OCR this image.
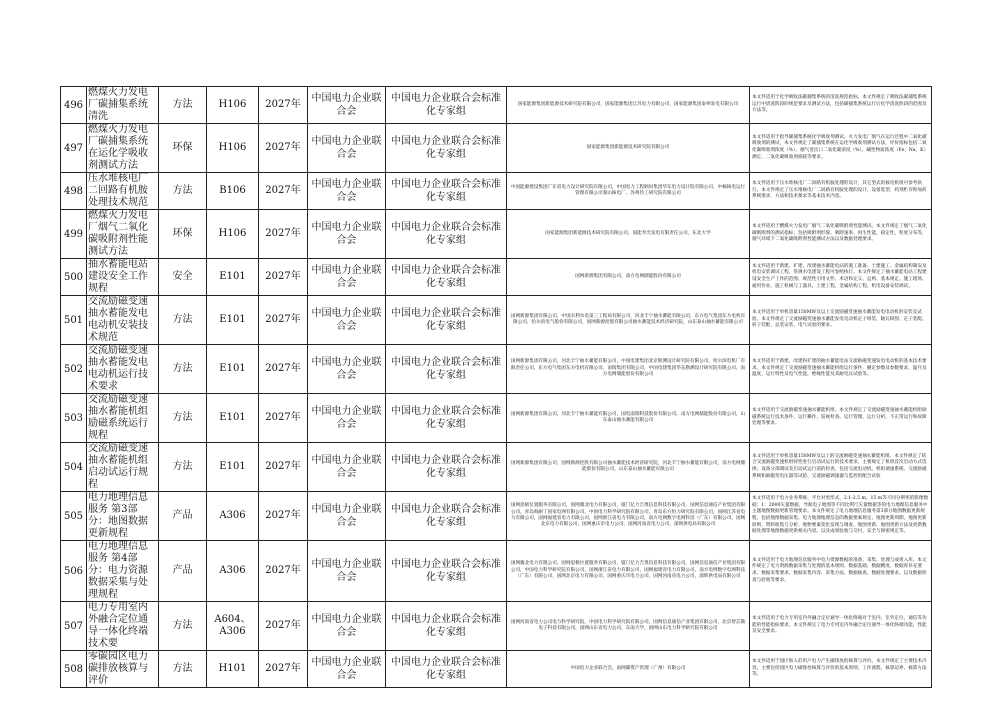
496	燃煤火力发电厂碳捕集系统清洗	方法	H106	2027年	中国电力企业联合会	中国电力企业联合会标准化专家组	国家能源集团新能源技术研究院有限公司，国家能源集团江苏电力有限公司，国家能源集团泰州发电有限公司	本文件适用于化学吸收法碳捕集系统的清洗规范指标。本文件规定了吸收法碳捕集系统运行中清洗阶段的规范要求及测试方法，包括碳捕集系统运行后化学清洗阶段的范围及方法等。
497	燃煤火力发电厂碳捕集系统在运化学吸收剂测试方法	环保	H106	2027年	中国电力企业联合会	中国电力企业联合会标准化专家组	国家能源集团新能源技术研究院有限公司	本文件适用于指导碳捕集系统化学吸收剂测试。火力发电厂烟气在运行过程中二氧化碳吸收剂的测试，本文件规定了碳捕集系统在运化学吸收剂测试方法，评价指标包括二氧化碳吸收剂浓度（%）、烟气进出口二氧化碳浓度（%）、碱性物质浓度（Fe、Na、K）测定、二氧化碳吸收剂损耗等要求。
498	压水堆核电厂二回路有机胺处理技术规范	方法	B106	2027年	中国电力企业联合会	中国电力企业联合会标准化专家组	中国能源建设集团广东省电力设计研究院有限公司，中国电力工程顾问集团华东电力设计院有限公司，中核核电运行管理有限公司秦山核电厂，苏州热工研究院有限公司	本文件适用于压水堆核电厂二回路有机胺处理的设计，其它型式的核电机组可参考执行。本文件规定了压水堆核电厂二回路有机胺处理的设计、设备选型、药剂贮存和加药系统要求，方法和技术要求等基本技术内容。
499	燃煤火力发电厂烟气二氧化碳吸附剂性能测试方法	环保	H106	2027年	中国电力企业联合会	中国电力企业联合会标准化专家组	国家能源集团新能源技术研究院有限公司，国能寿光发电有限责任公司，东北大学	本文件适用于燃煤火力发电厂烟气二氧化碳吸附剂性能测试。本文件规定了烟气二氧化碳吸附剂的测试指标，包括吸附剂形貌、吸附速率、再生性能、稳定性、粒度分布等，烟气环境下二氧化碳吸附剂性能测试方法以及数据处理要求。
500	抽水蓄能电站建设安全工作规程	安全	E101	2027年	中国电力企业联合会	中国电力企业联合会标准化专家组	国网新源集团有限公司，南方电网储能股份有限公司	本文件适用于新建、扩建、改建抽水蓄能电站的施工准备、土建施工、金属结构制安及机电安装调试工程，常规水电建设工程可参照执行。本文件规定了抽水蓄能电站工程建设安全生产工作的范围、规范性引用文件、术语和定义、总则、基本规定、施工现场、通用作业、施工机械与工器具、土建工程、金属结构工程、机电设备安装调试。
501	交流励磁变速抽水蓄能发电电动机安装技术规范	方法	E101	2027年	中国电力企业联合会	中国电力企业联合会标准化专家组	国网新源集团有限公司，中国水利水电第三工程局有限公司，河北丰宁抽水蓄能有限公司，东方电气集团东方电机有限公司，哈尔滨电气股份有限公司，国网新源控股有限公司抽水蓄能技术经济研究院，山东泰山抽水蓄能有限公司	本文件适用于单机容量150MW及以上交流励磁变速抽水蓄能发电电动机的安装及试验。本文件规定了交流励磁变速抽水蓄能发电电动机定子组装、轴瓦研刮、定子装配、转子装配、总装安装、电气试验的要求。
502	交流励磁变速抽水蓄能发电电动机运行技术要求	方法	E101	2027年	中国电力企业联合会	中国电力企业联合会标准化专家组	国网新源集团有限公司，河北丰宁抽水蓄能有限公司，中国电建集团北京勘测设计研究院有限公司，哈尔滨电机厂有限责任公司，东方电气集团东方电机有限公司，南瑞集团有限公司，中国电建集团华东勘测设计研究院有限公司，南方电网储能股份有限公司	本文件适用于新建、改建和扩建的抽水蓄能电站交流励磁变速发电电动机的基本技术要求。本文件规定了交流励磁变速抽水蓄能机组运行条件，额定参数及参数要求，温升及温度、运行特性及电气性能，绝缘性能及其耐电压试验等。
503	交流励磁变速抽水蓄能机组励磁系统运行规程	方法	E101	2027年	中国电力企业联合会	中国电力企业联合会标准化专家组	国网新源集团有限公司，河北丰宁抽水蓄能有限公司，国电南瑞科技股份有限公司，南方电网储能股份有限公司，山东泰山抽水蓄能有限公司	本文件适用于交流励磁变速抽水蓄能机组。本文件规定了交流励磁变速抽水蓄能机组励磁系统运行技术条件、运行操作、巡视检查、运行管理、运行分析、不正常运行和故障处理等要求。
504	交流励磁变速抽水蓄能机组启动试运行规程	方法	E101	2027年	中国电力企业联合会	中国电力企业联合会标准化专家组	国网新源集团有限公司，国网新源控股有限公司抽水蓄能技术经济研究院，河北丰宁抽水蓄能有限公司，南方电网储能股份有限公司，山东泰山抽水蓄能有限公司	本文件适用于单机容量150MW及以上的交流励磁变速抽水蓄能机组。本文件规定了结合交流励磁变速机组特性进行启动试运行的技术要求，主要规定了机组首次启动方式选择、设备分部调试及启动试运行前的检查，包括交流电动机、机组调速系统、交流励磁系统和励磁变电压器等试验、交流励磁调速器与监控的配合试验
505	电力地理信息服务 第3部分：地图数据更新规程	产品	A306	2027年	中国电力企业联合会	中国电力企业联合会标准化专家组	国网思极位置服务有限公司，国网冀北电力有限公司，厦门亿力吉奥信息科技有限公司，国网信息通信产业集团有限公司，青岛海耐丁国家电网有限公司，中国电力科学研究院有限公司，青岛东方恒力研究院有限公司，国网江苏省电力有限公司，国网福建省电力有限公司，国网浙江省电力有限公司，南方电网数字电网科技（广东）有限公司，国网北京电力有限公司，国网重庆市电力公司，国网河南省电力公司，深圳供电局有限公司	本文件适用于电力业务系统、平台对更形式、2.1-2.5 m、15 m等不同分辨率的影像数据；1：2000矢量数据，导航电子地图等不同比例尺矢量数据等的电力地理信息服务中主题地图数据更新管理要求。本文件规定了电力地理信息服务第3部分地图数据更新规程，包括地图数据采集、电力地理地理信息的数据要素规定，地图更新周期、地图更新原则、资料收集与分析、地物要素变化发现与调查、地图更新、地图更新方法及更新数据处理等地图数据更新相关内容。以及成果验收与交付、安全与保密规定等。
506	电力地理信息服务 第4部分：电力资源数据采集与处理规程	产品	A306	2027年	中国电力企业联合会	中国电力企业联合会标准化专家组	国网冀北电力有限公司，国网思极位置服务有限公司，厦门亿力吉奥信息科技有限公司，国网信息通信产业集团有限公司，中国电力科学研究院有限公司，国网浙江省电力有限公司，国网福建省电力有限公司，南方电网数字电网科技（广东）有限公司，国网北京电力有限公司，国网重庆市电力公司，国网河南省电力公司，深圳供电局有限公司	本文件适用于电力地理信息服务中电力资源数据的准备、采集、处理与成果入库。本文件规定了电力资源数据采集与处理的基本规则、数据基础、数据精度、数据库补充要求、数据采集要求、数据采集内容、采集方法、数据核查、数据处理要求、以及数据检查与验收等要求。
507	电力专用室内外融合定位通导一体化终端技术要	方法	A604、A306	2027年	中国电力企业联合会	中国电力企业联合会标准化专家组	国网河南省电力公司电力科学研究院，中国电力科学研究院有限公司，国网信息通信产业集团有限公司，北京智芯微电子科技有限公司，国网山东省电力公司，东南大学，国网山东电力科学研究院有限公司	本文件适用于电力专用室内外融合定位通导一体化终端对于室内、室外定位、通信等功能的性能指标要求。本文件规定了电力专用室内外融合定位通导一体化终端功能、性能及安全要求。
508	零碳园区电力碳排放核算与评价	方法	H101	2027年	中国电力企业联合会	中国电力企业联合会标准化专家组	中国电力企业联合会，南网碳资产管理（广州）有限公司	本文件适用于园区和入驻用户电力产生碳排放的核算与评价。本文件规定了主要技术内容，主要包括园区电力碳排放核算与评价的基本原则、工作流程、核算边界、核算方法等。
